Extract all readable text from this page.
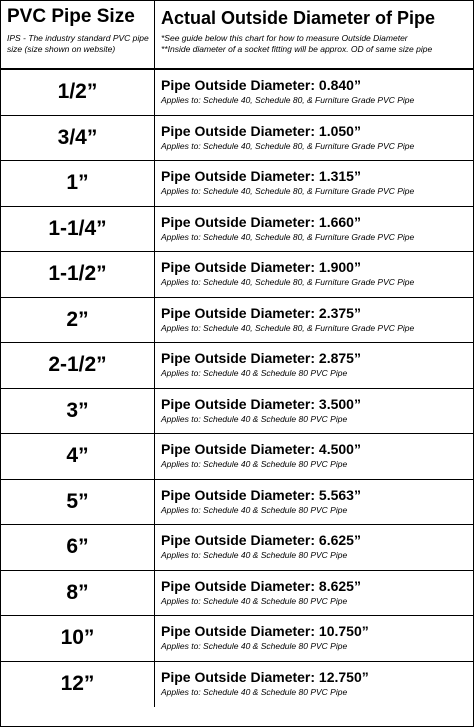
PVC Pipe Size
IPS - The industry standard PVC pipe
size (size shown on website)
Actual Outside Diameter of Pipe
*See guide below this chart for how to measure Outside Diameter
**Inside diameter of a socket fitting will be approx. OD of same size pipe
1/2”	Pipe Outside Diameter: 0.840”
Applies to: Schedule 40, Schedule 80, & Furniture Grade PVC Pipe
3/4”	Pipe Outside Diameter: 1.050”
Applies to: Schedule 40, Schedule 80, & Furniture Grade PVC Pipe
1”	Pipe Outside Diameter: 1.315”
Applies to: Schedule 40, Schedule 80, & Furniture Grade PVC Pipe
1-1/4”	Pipe Outside Diameter: 1.660”
Applies to: Schedule 40, Schedule 80, & Furniture Grade PVC Pipe
1-1/2”	Pipe Outside Diameter: 1.900”
Applies to: Schedule 40, Schedule 80, & Furniture Grade PVC Pipe
2”	Pipe Outside Diameter: 2.375”
Applies to: Schedule 40, Schedule 80, & Furniture Grade PVC Pipe
2-1/2”	Pipe Outside Diameter: 2.875”
Applies to: Schedule 40 & Schedule 80 PVC Pipe
3”	Pipe Outside Diameter: 3.500”
Applies to: Schedule 40 & Schedule 80 PVC Pipe
4”	Pipe Outside Diameter: 4.500”
Applies to: Schedule 40 & Schedule 80 PVC Pipe
5”	Pipe Outside Diameter: 5.563”
Applies to: Schedule 40 & Schedule 80 PVC Pipe
6”	Pipe Outside Diameter: 6.625”
Applies to: Schedule 40 & Schedule 80 PVC Pipe
8”	Pipe Outside Diameter: 8.625”
Applies to: Schedule 40 & Schedule 80 PVC Pipe
10”	Pipe Outside Diameter: 10.750”
Applies to: Schedule 40 & Schedule 80 PVC Pipe
12”	Pipe Outside Diameter: 12.750”
Applies to: Schedule 40 & Schedule 80 PVC Pipe
